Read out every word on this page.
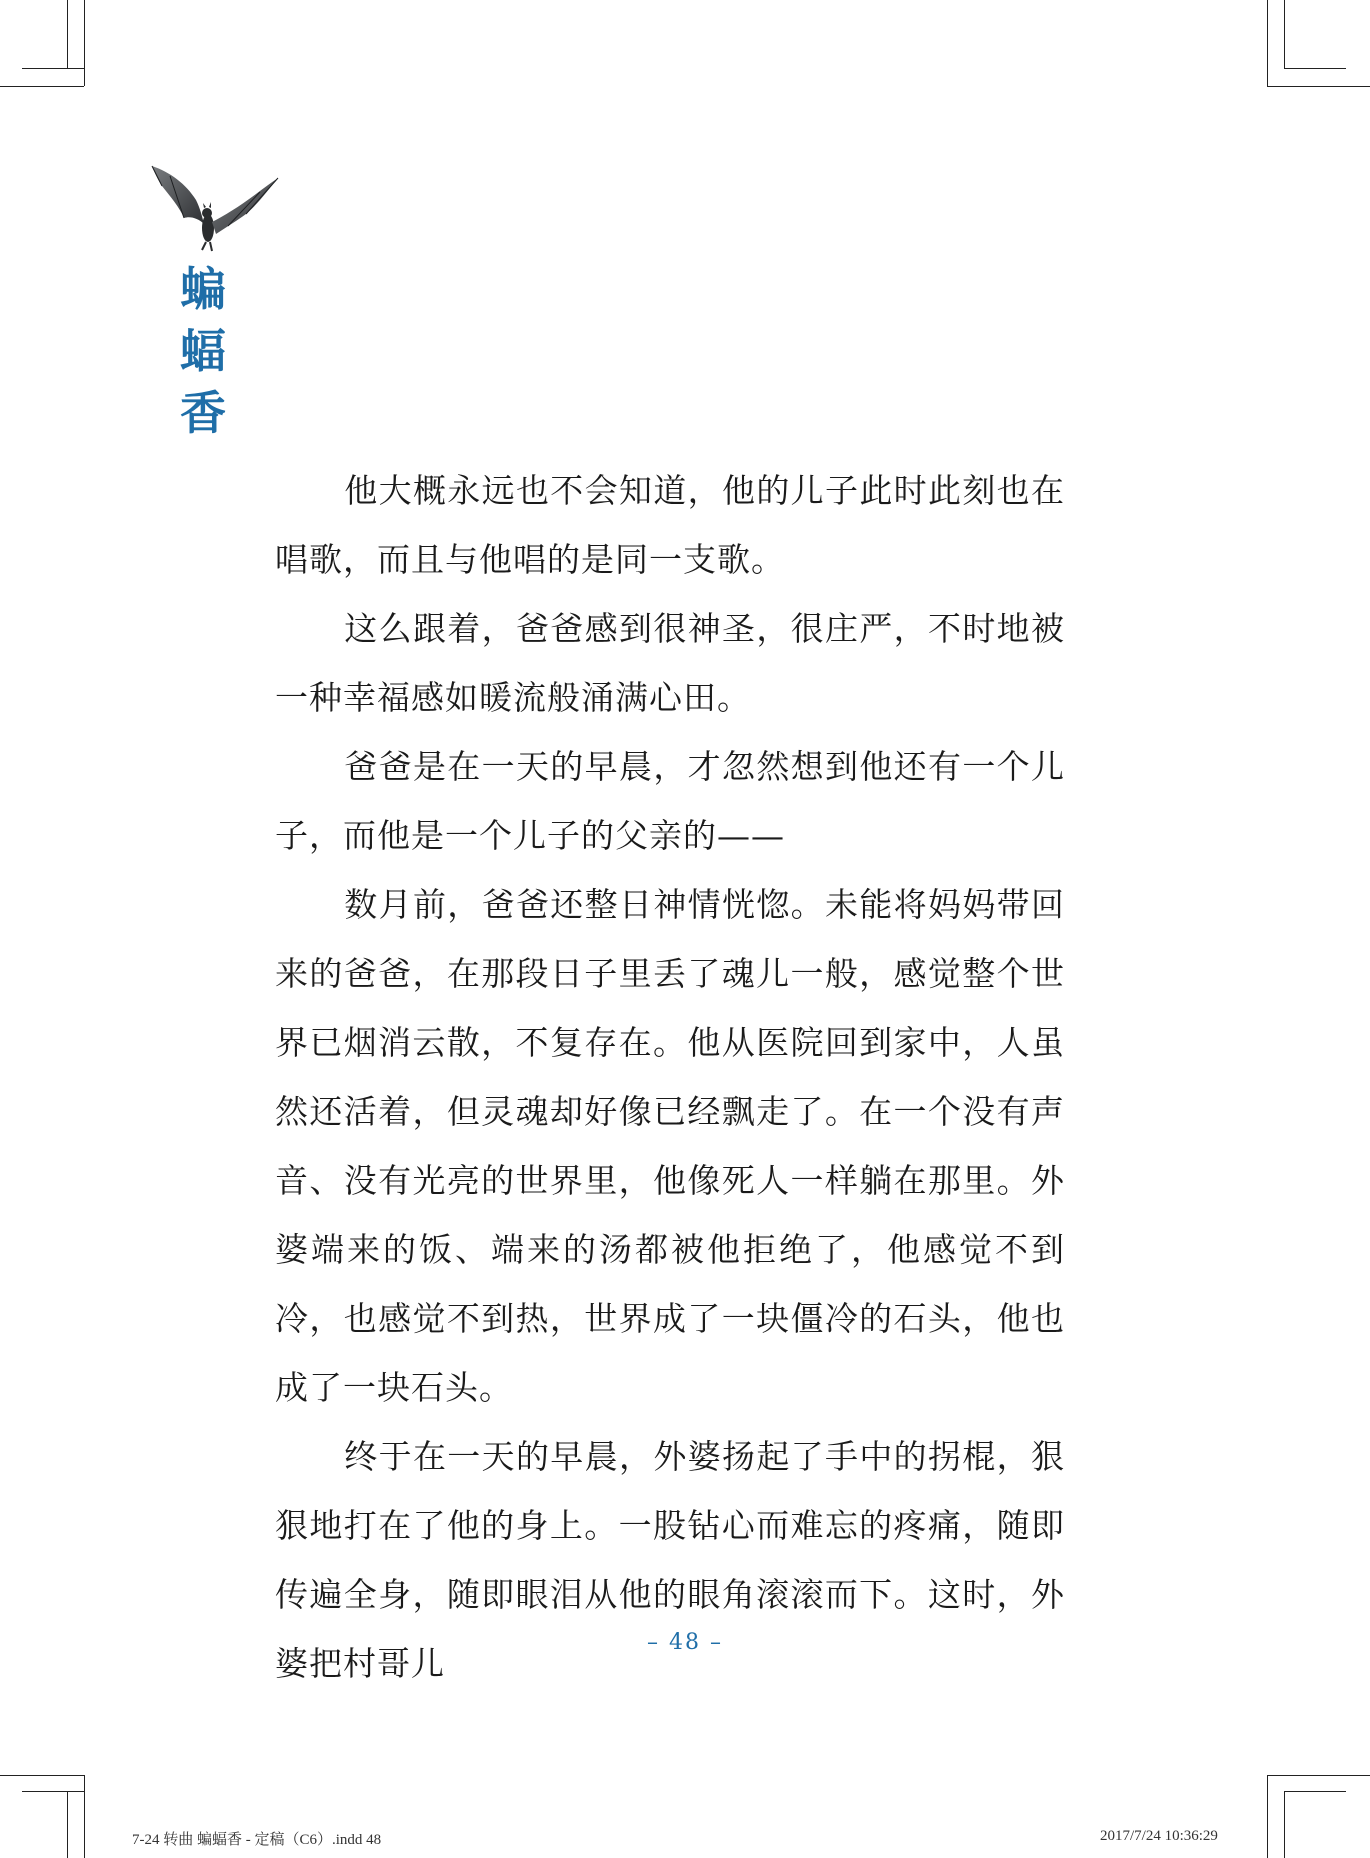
蝙
蝠
香

他大概永远也不会知道，他的儿子此时此刻也在唱歌，而且与他唱的是同一支歌。

这么跟着，爸爸感到很神圣，很庄严，不时地被一种幸福感如暖流般涌满心田。

爸爸是在一天的早晨，才忽然想到他还有一个儿子，而他是一个儿子的父亲的——

数月前，爸爸还整日神情恍惚。未能将妈妈带回来的爸爸，在那段日子里丢了魂儿一般，感觉整个世界已烟消云散，不复存在。他从医院回到家中，人虽然还活着，但灵魂却好像已经飘走了。在一个没有声音、没有光亮的世界里，他像死人一样躺在那里。外婆端来的饭、端来的汤都被他拒绝了，他感觉不到冷，也感觉不到热，世界成了一块僵冷的石头，他也成了一块石头。

终于在一天的早晨，外婆扬起了手中的拐棍，狠狠地打在了他的身上。一股钻心而难忘的疼痛，随即传遍全身，随即眼泪从他的眼角滚滚而下。这时，外婆把村哥儿

– 48 –
7-24 转曲 蝙蝠香 - 定稿（C6）.indd 48	2017/7/24 10:36:29
